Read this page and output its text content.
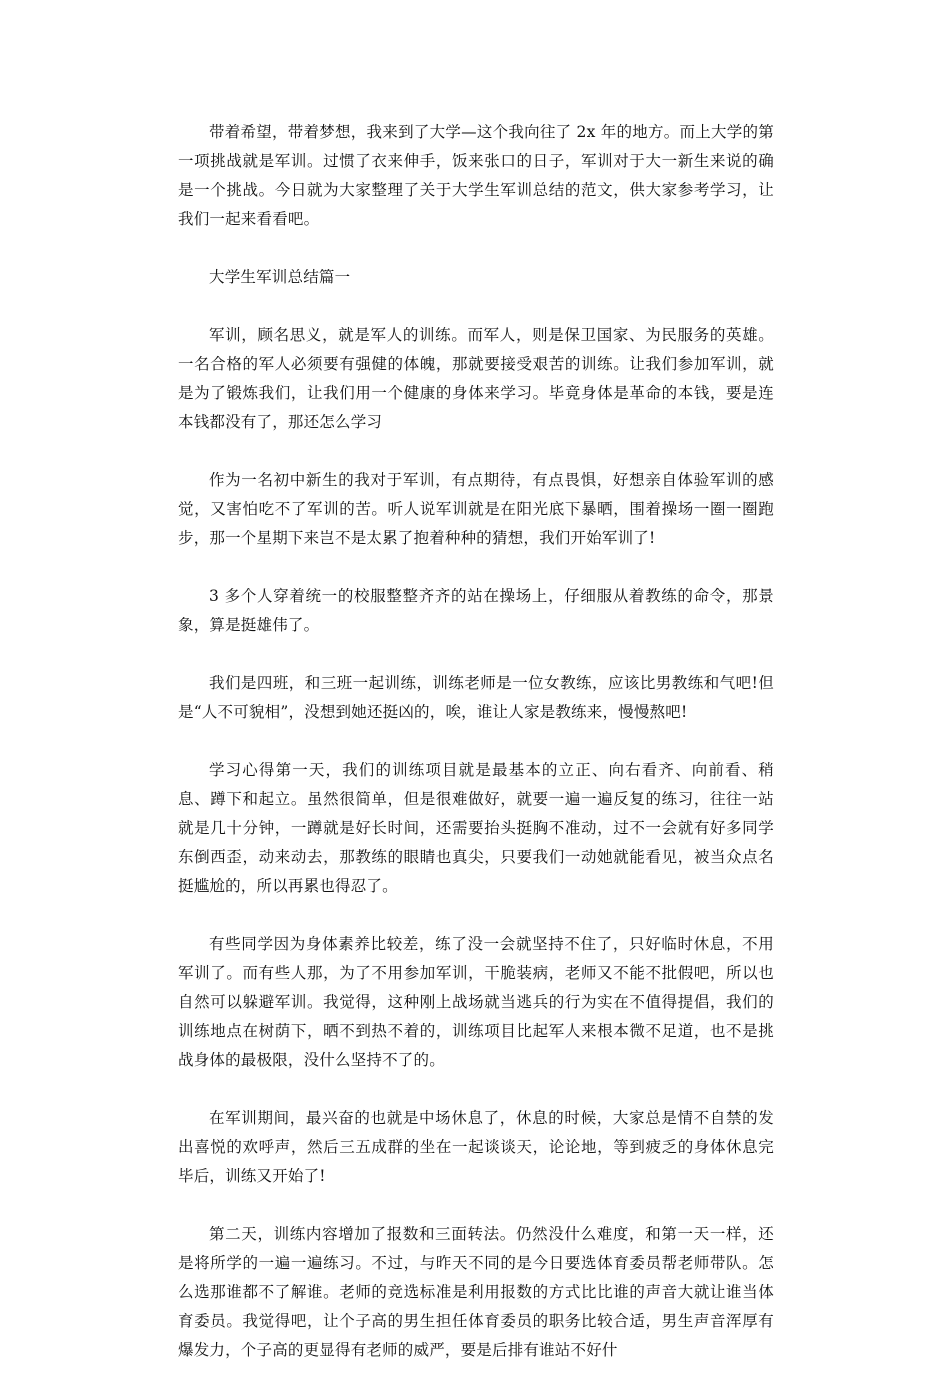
带着希望，带着梦想，我来到了大学—这个我向往了 2x 年的地方。而上大学的第一项挑战就是军训。过惯了衣来伸手，饭来张口的日子，军训对于大一新生来说的确是一个挑战。今日就为大家整理了关于大学生军训总结的范文，供大家参考学习，让我们一起来看看吧。

大学生军训总结篇一

军训，顾名思义，就是军人的训练。而军人，则是保卫国家、为民服务的英雄。一名合格的军人必须要有强健的体魄，那就要接受艰苦的训练。让我们参加军训，就是为了锻炼我们，让我们用一个健康的身体来学习。毕竟身体是革命的本钱，要是连本钱都没有了，那还怎么学习

作为一名初中新生的我对于军训，有点期待，有点畏惧，好想亲自体验军训的感觉，又害怕吃不了军训的苦。听人说军训就是在阳光底下暴晒，围着操场一圈一圈跑步，那一个星期下来岂不是太累了抱着种种的猜想，我们开始军训了!

3 多个人穿着统一的校服整整齐齐的站在操场上，仔细服从着教练的命令，那景象，算是挺雄伟了。

我们是四班，和三班一起训练，训练老师是一位女教练，应该比男教练和气吧!但是“人不可貌相”，没想到她还挺凶的，唉，谁让人家是教练来，慢慢熬吧!

学习心得第一天，我们的训练项目就是最基本的立正、向右看齐、向前看、稍息、蹲下和起立。虽然很简单，但是很难做好，就要一遍一遍反复的练习，往往一站就是几十分钟，一蹲就是好长时间，还需要抬头挺胸不准动，过不一会就有好多同学东倒西歪，动来动去，那教练的眼睛也真尖，只要我们一动她就能看见，被当众点名挺尴尬的，所以再累也得忍了。

有些同学因为身体素养比较差，练了没一会就坚持不住了，只好临时休息，不用军训了。而有些人那，为了不用参加军训，干脆装病，老师又不能不批假吧，所以也自然可以躲避军训。我觉得，这种刚上战场就当逃兵的行为实在不值得提倡，我们的训练地点在树荫下，晒不到热不着的，训练项目比起军人来根本微不足道，也不是挑战身体的最极限，没什么坚持不了的。

在军训期间，最兴奋的也就是中场休息了，休息的时候，大家总是情不自禁的发出喜悦的欢呼声，然后三五成群的坐在一起谈谈天，论论地，等到疲乏的身体休息完毕后，训练又开始了!

第二天，训练内容增加了报数和三面转法。仍然没什么难度，和第一天一样，还是将所学的一遍一遍练习。不过，与昨天不同的是今日要选体育委员帮老师带队。怎么选那谁都不了解谁。老师的竞选标准是利用报数的方式比比谁的声音大就让谁当体育委员。我觉得吧，让个子高的男生担任体育委员的职务比较合适，男生声音浑厚有爆发力，个子高的更显得有老师的威严，要是后排有谁站不好什
